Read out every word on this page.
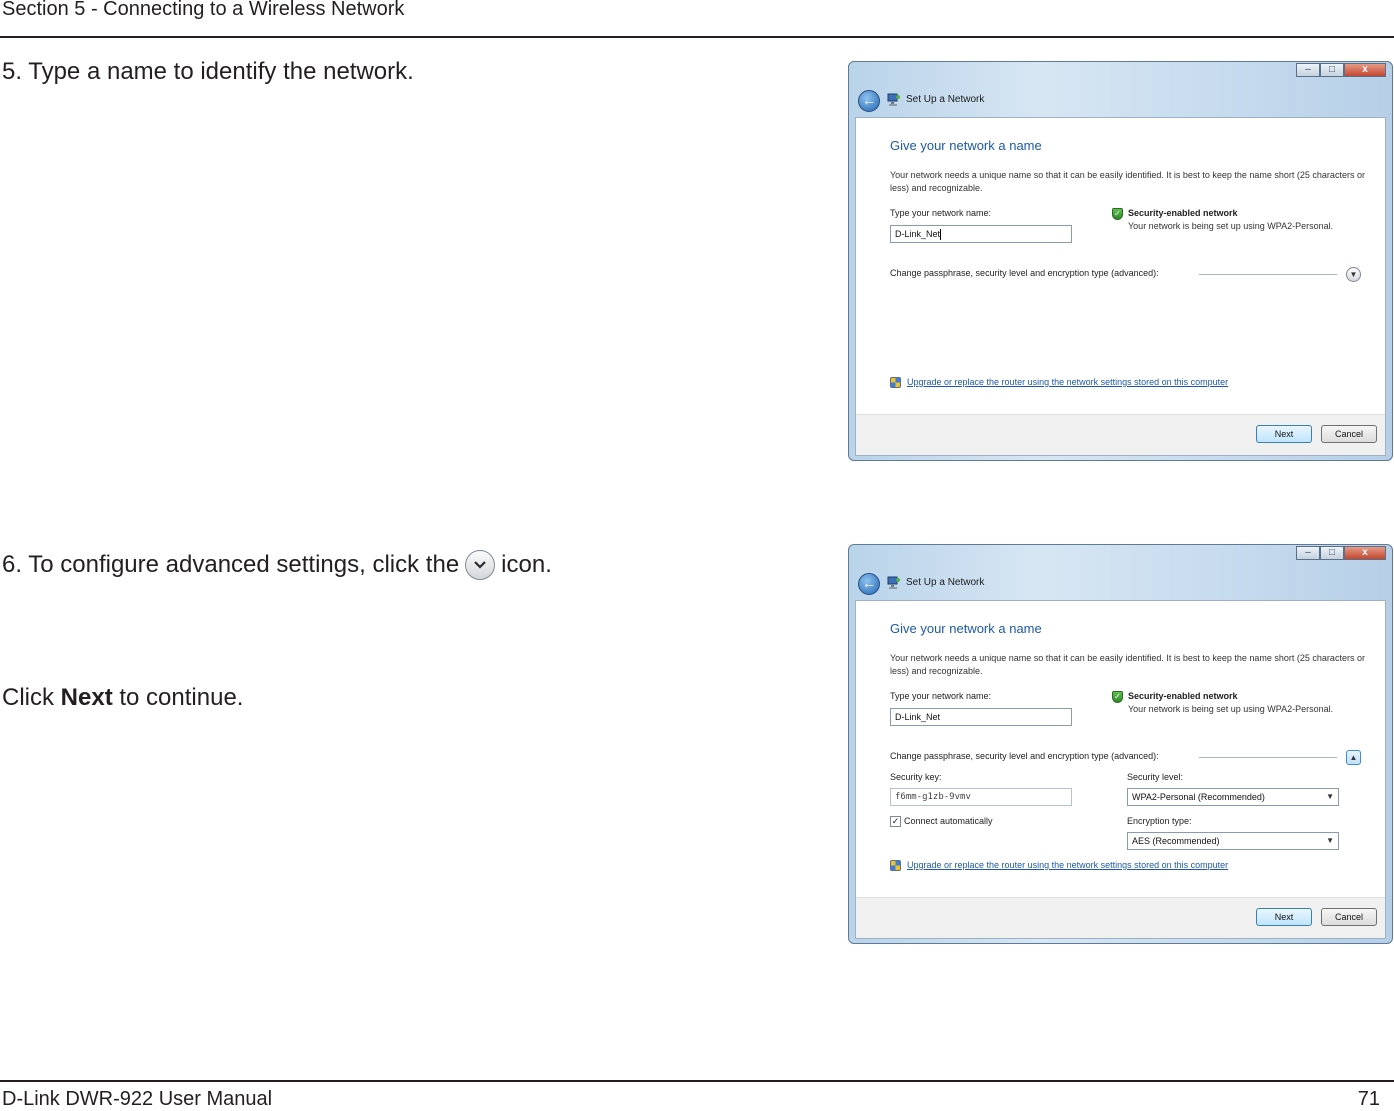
Section 5 - Connecting to a Wireless Network
5. Type a name to identify the network.	–	□	x
←	Set Up a Network
Give your network a name
Your network needs a unique name so that it can be easily identified. It is best to keep the name short (25 characters or less) and recognizable.
Type your network name:
D-Link_Net
✓ Security-enabled network
Your network is being set up using WPA2-Personal.
Change passphrase, security level and encryption type (advanced):	▼
Upgrade or replace the router using the network settings stored on this computer
Next	Cancel
6. To configure advanced settings, click the icon.
Click Next to continue.
–	□	x
←	Set Up a Network
Give your network a name
Your network needs a unique name so that it can be easily identified. It is best to keep the name short (25 characters or less) and recognizable.
Type your network name:
D-Link_Net
✓ Security-enabled network
Your network is being set up using WPA2-Personal.
Change passphrase, security level and encryption type (advanced):	▲
Security key:
f6mm-g1zb-9vmv
Security level:
WPA2-Personal (Recommended)	▼
✓ Connect automatically	Encryption type:
AES (Recommended)	▼
Upgrade or replace the router using the network settings stored on this computer
Next	Cancel
D-Link DWR-922 User Manual	71
